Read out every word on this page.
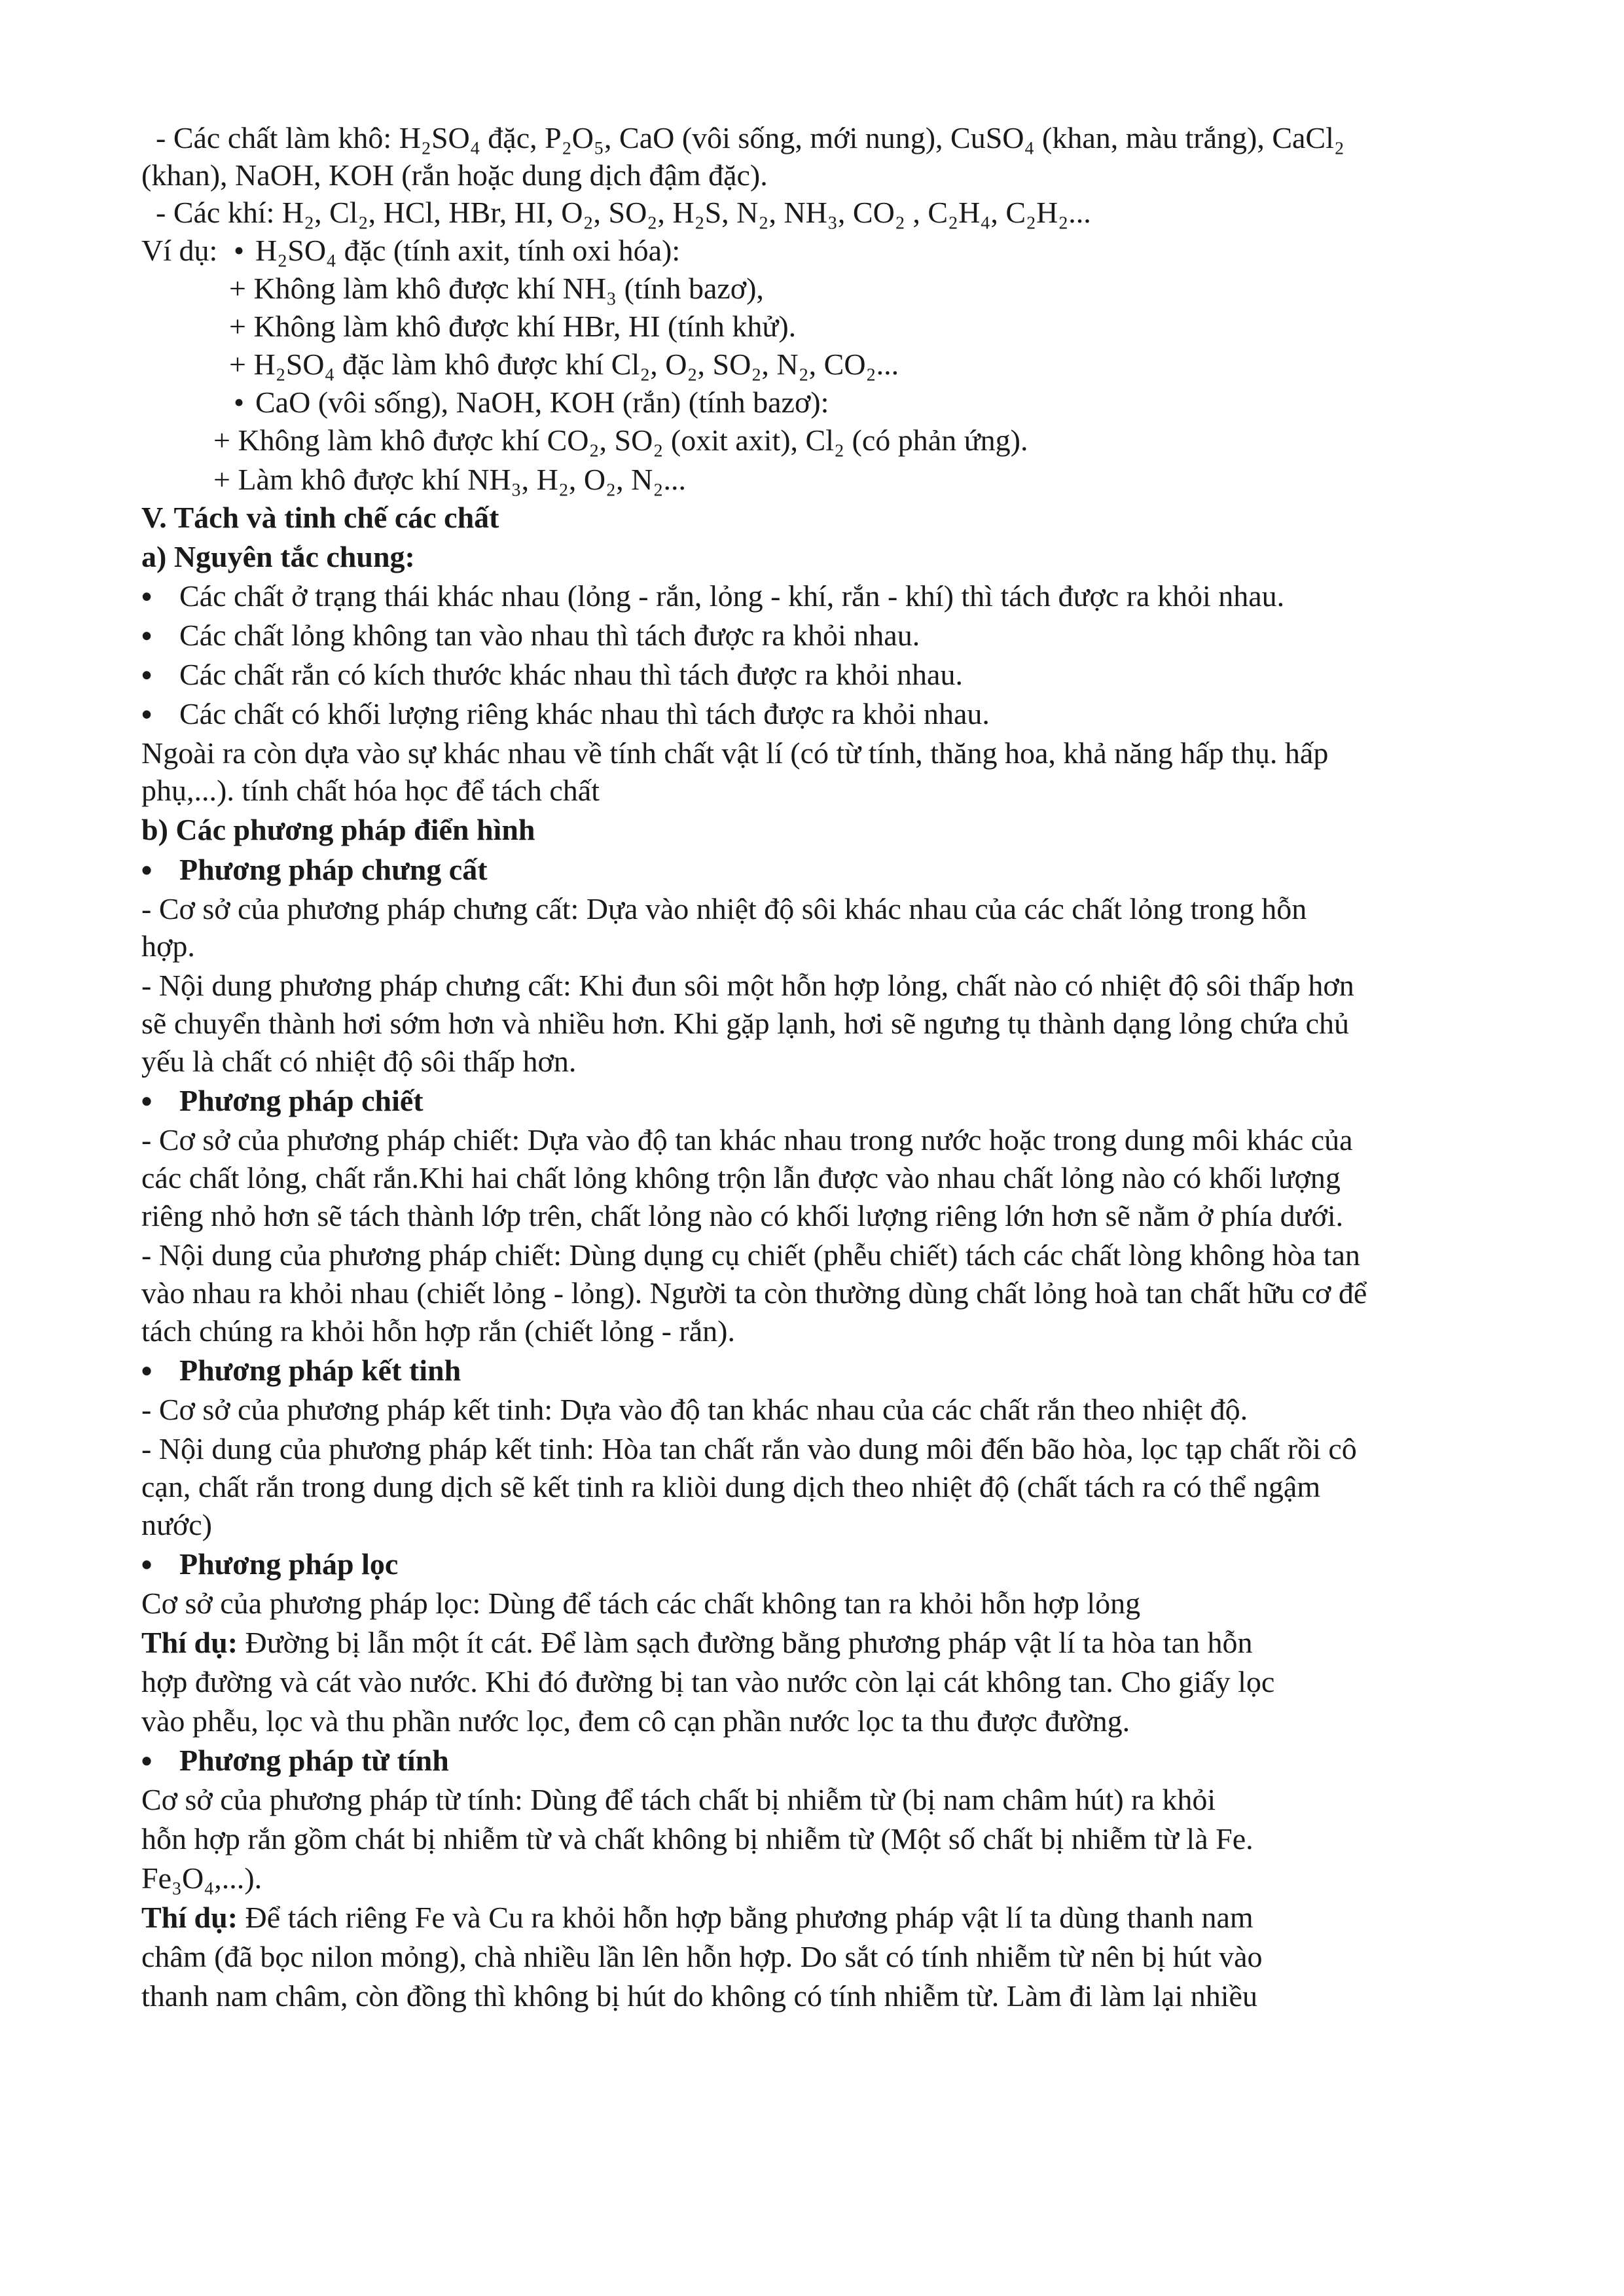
- Các chất làm khô: H₂SO₄ đặc, P₂O₅, CaO (vôi sống, mới nung), CuSO₄ (khan, màu trắng), CaCl₂
(khan), NaOH, KOH (rắn hoặc dung dịch đậm đặc).
- Các khí: H₂, Cl₂, HCl, HBr, HI, O₂, SO₂, H₂S, N₂, NH₃, CO₂ , C₂H₄, C₂H₂...
Ví dụ: • H₂SO₄ đặc (tính axit, tính oxi hóa):
+ Không làm khô được khí NH₃ (tính bazơ),
+ Không làm khô được khí HBr, HI (tính khử).
+ H₂SO₄ đặc làm khô được khí Cl₂, O₂, SO₂, N₂, CO₂...
• CaO (vôi sống), NaOH, KOH (rắn) (tính bazơ):
+ Không làm khô được khí CO₂, SO₂ (oxit axit), Cl₂ (có phản ứng).
+ Làm khô được khí NH₃, H₂, O₂, N₂...
V. Tách và tinh chế các chất
a) Nguyên tắc chung:
• Các chất ở trạng thái khác nhau (lỏng - rắn, lỏng - khí, rắn - khí) thì tách được ra khỏi nhau.
• Các chất lỏng không tan vào nhau thì tách được ra khỏi nhau.
• Các chất rắn có kích thước khác nhau thì tách được ra khỏi nhau.
• Các chất có khối lượng riêng khác nhau thì tách được ra khỏi nhau.
Ngoài ra còn dựa vào sự khác nhau về tính chất vật lí (có từ tính, thăng hoa, khả năng hấp thụ. hấp
phụ,...). tính chất hóa học để tách chất
b) Các phương pháp điển hình
• Phương pháp chưng cất
- Cơ sở của phương pháp chưng cất: Dựa vào nhiệt độ sôi khác nhau của các chất lỏng trong hỗn
hợp.
- Nội dung phương pháp chưng cất: Khi đun sôi một hỗn hợp lỏng, chất nào có nhiệt độ sôi thấp hơn
sẽ chuyển thành hơi sớm hơn và nhiều hơn. Khi gặp lạnh, hơi sẽ ngưng tụ thành dạng lỏng chứa chủ
yếu là chất có nhiệt độ sôi thấp hơn.
• Phương pháp chiết
- Cơ sở của phương pháp chiết: Dựa vào độ tan khác nhau trong nước hoặc trong dung môi khác của
các chất lỏng, chất rắn.Khi hai chất lỏng không trộn lẫn được vào nhau chất lỏng nào có khối lượng
riêng nhỏ hơn sẽ tách thành lớp trên, chất lỏng nào có khối lượng riêng lớn hơn sẽ nằm ở phía dưới.
- Nội dung của phương pháp chiết: Dùng dụng cụ chiết (phễu chiết) tách các chất lòng không hòa tan
vào nhau ra khỏi nhau (chiết lỏng - lỏng). Người ta còn thường dùng chất lỏng hoà tan chất hữu cơ để
tách chúng ra khỏi hỗn hợp rắn (chiết lỏng - rắn).
• Phương pháp kết tinh
- Cơ sở của phương pháp kết tinh: Dựa vào độ tan khác nhau của các chất rắn theo nhiệt độ.
- Nội dung của phương pháp kết tinh: Hòa tan chất rắn vào dung môi đến bão hòa, lọc tạp chất rồi cô
cạn, chất rắn trong dung dịch sẽ kết tinh ra kliòi dung dịch theo nhiệt độ (chất tách ra có thể ngậm
nước)
• Phương pháp lọc
Cơ sở của phương pháp lọc: Dùng để tách các chất không tan ra khỏi hỗn hợp lỏng
Thí dụ: Đường bị lẫn một ít cát. Để làm sạch đường bằng phương pháp vật lí ta hòa tan hỗn
hợp đường và cát vào nước. Khi đó đường bị tan vào nước còn lại cát không tan. Cho giấy lọc
vào phễu, lọc và thu phần nước lọc, đem cô cạn phần nước lọc ta thu được đường.
• Phương pháp từ tính
Cơ sở của phương pháp từ tính: Dùng để tách chất bị nhiễm từ (bị nam châm hút) ra khỏi
hỗn hợp rắn gồm chát bị nhiễm từ và chất không bị nhiễm từ (Một số chất bị nhiễm từ là Fe.
Fe₃O₄,...).
Thí dụ: Để tách riêng Fe và Cu ra khỏi hỗn hợp bằng phương pháp vật lí ta dùng thanh nam
châm (đã bọc nilon mỏng), chà nhiều lần lên hỗn hợp. Do sắt có tính nhiễm từ nên bị hút vào
thanh nam châm, còn đồng thì không bị hút do không có tính nhiễm từ. Làm đi làm lại nhiều
